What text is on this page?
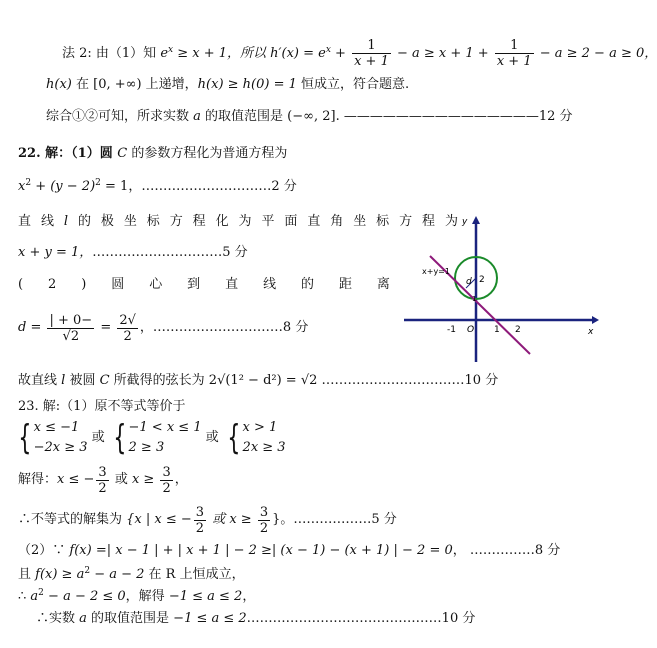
法 2: 由（1）知 $e^x \ge x + 1$，所以 $h'(x) = e^x + \frac{1}{x + 1} - a \ge x + 1 + \frac{1}{x + 1} - a \ge 2 - a \ge 0$，
h(x) 在 [0, +∞) 上递增，h(x) ≥ h(0) = 1 恒成立，符合题意.
综合①②可知，所求实数 a 的取值范围是 (−∞, 2]. ———————————————12 分
22. 解：（1）圆 C 的参数方程化为普通方程为
$x^2 + (y - 2)^2 = 1$，…………………………2 分
直 线 l 的 极 坐 标 方 程 化 为 平 面 直 角 坐 标 方 程 为
x + y = 1，…………………………5 分
( 2 ) 圆 心 到 直 线 的 距 离
$d = \frac{| + 0-}{√2} = \frac{2√}{2}$ ，…………………………8 分
x+y=1
d 2
1
y
x
-1 O 1 2
故直线 l 被圆 C 所截得的弦长为 2√(1² − d²) = √2 ……………………………10 分
23. 解:（1）原不等式等价于
{ x ≤ −1
−2x ≥ 3
或 { −1 < x ≤ 1
2 ≥ 3
或 { x > 1
2x ≥ 3
解得：x ≤ − $\frac{3}{2}$ 或 $x \ge \frac{3}{2}$ ，
∴不等式的解集为 {x | x ≤ − $\frac{3}{2}$ 或 $x \ge \frac{3}{2}$ }。………………5 分
（2）∵ f(x) =| x − 1 | + | x + 1 | − 2 ≥| (x − 1) − (x + 1) | − 2 = 0， ……………8 分
且 $f(x) \ge a^2 - a - 2$ 在 R 上恒成立，
∴ $a^2 - a - 2 \le 0$，解得 −1 ≤ a ≤ 2，
∴实数 a 的取值范围是 −1 ≤ a ≤ 2………………………………………10 分
